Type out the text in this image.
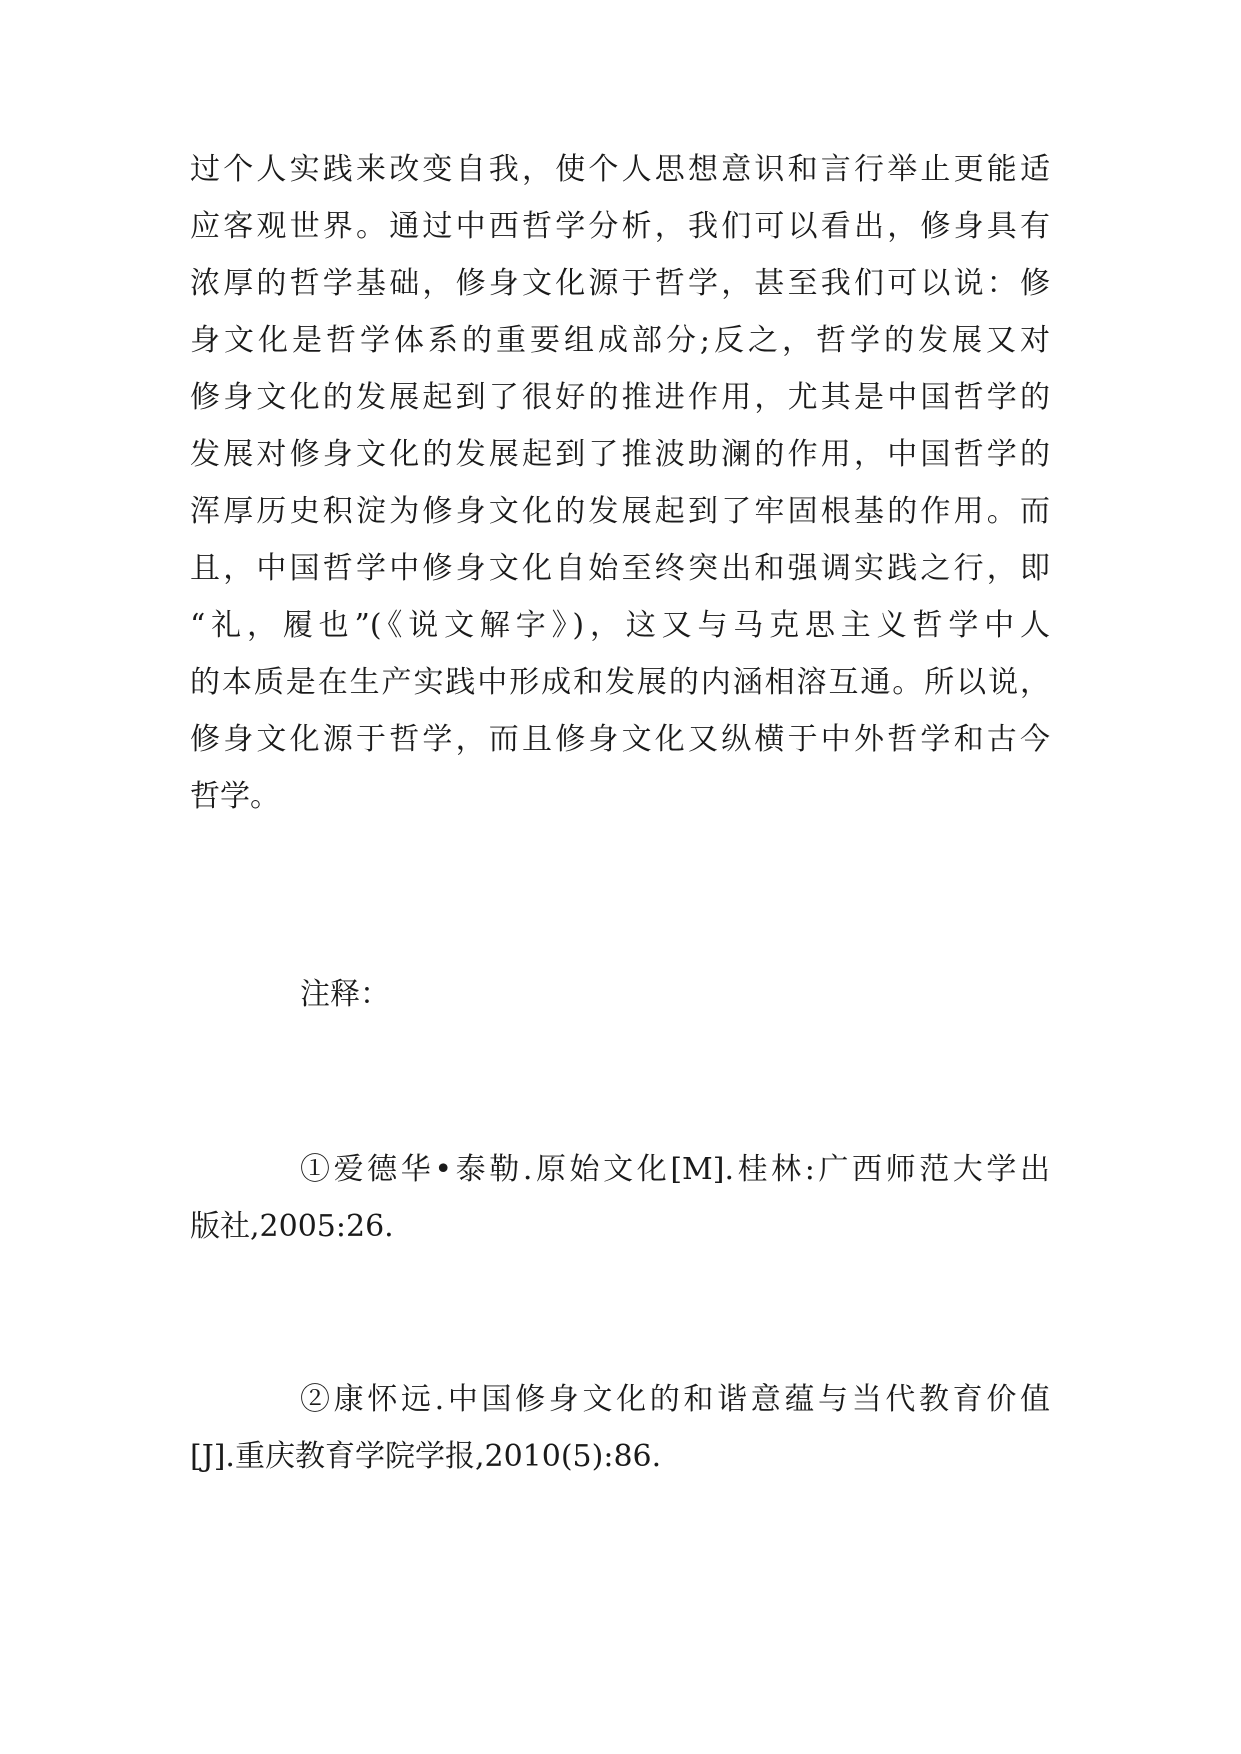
过个人实践来改变自我，使个人思想意识和言行举止更能适
应客观世界。通过中西哲学分析，我们可以看出，修身具有
浓厚的哲学基础，修身文化源于哲学，甚至我们可以说：修
身文化是哲学体系的重要组成部分;反之，哲学的发展又对
修身文化的发展起到了很好的推进作用，尤其是中国哲学的
发展对修身文化的发展起到了推波助澜的作用，中国哲学的
浑厚历史积淀为修身文化的发展起到了牢固根基的作用。而
且，中国哲学中修身文化自始至终突出和强调实践之行，即
“礼，履也”(《说文解字》)，这又与马克思主义哲学中人
的本质是在生产实践中形成和发展的内涵相溶互通。所以说，
修身文化源于哲学，而且修身文化又纵横于中外哲学和古今
哲学。
注释：
①爱德华•泰勒.原始文化[M].桂林:广西师范大学出
版社,2005:26.
②康怀远.中国修身文化的和谐意蕴与当代教育价值
[J].重庆教育学院学报,2010(5):86.
